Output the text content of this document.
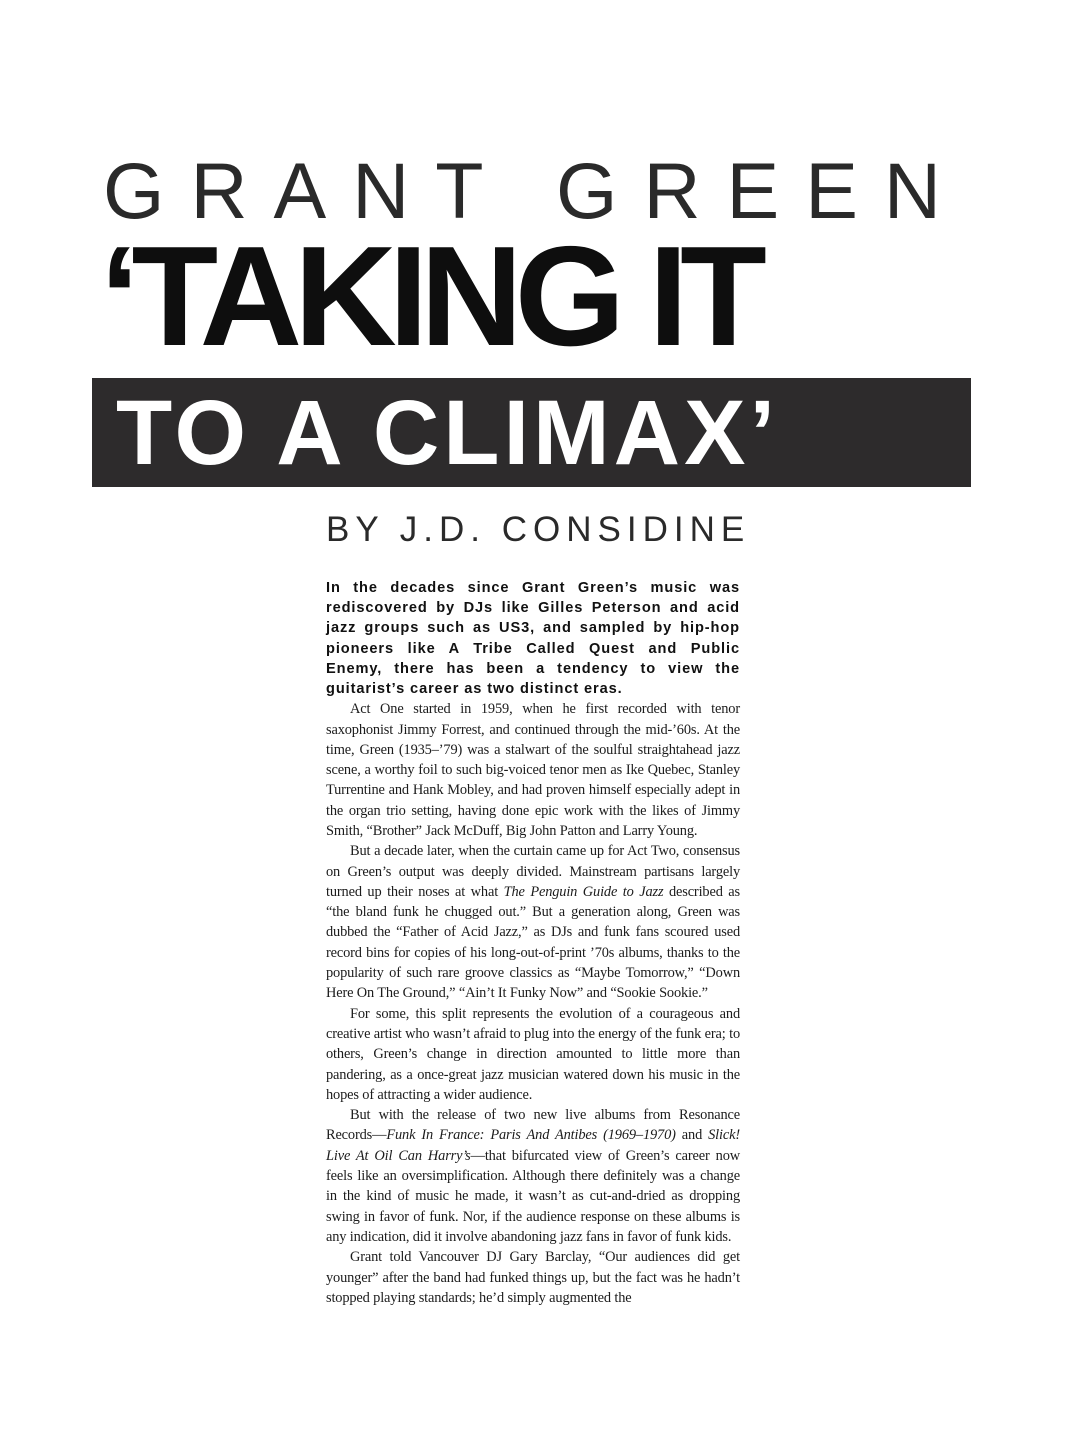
GRANT GREEN
‘TAKING IT
TO A CLIMAX’
BY J.D. CONSIDINE

In the decades since Grant Green’s music was rediscovered by DJs like Gilles Peterson and acid jazz groups such as US3, and sampled by hip-hop pioneers like A Tribe Called Quest and Public Enemy, there has been a tendency to view the guitarist’s career as two distinct eras.

Act One started in 1959, when he first recorded with tenor saxophonist Jimmy Forrest, and continued through the mid-’60s. At the time, Green (1935–’79) was a stalwart of the soulful straightahead jazz scene, a worthy foil to such big-voiced tenor men as Ike Quebec, Stanley Turrentine and Hank Mobley, and had proven himself especially adept in the organ trio setting, having done epic work with the likes of Jimmy Smith, “Brother” Jack McDuff, Big John Patton and Larry Young.

But a decade later, when the curtain came up for Act Two, consensus on Green’s output was deeply divided. Mainstream partisans largely turned up their noses at what The Penguin Guide to Jazz described as “the bland funk he chugged out.” But a generation along, Green was dubbed the “Father of Acid Jazz,” as DJs and funk fans scoured used record bins for copies of his long-out-of-print ’70s albums, thanks to the popularity of such rare groove classics as “Maybe Tomorrow,” “Down Here On The Ground,” “Ain’t It Funky Now” and “Sookie Sookie.”

For some, this split represents the evolution of a courageous and creative artist who wasn’t afraid to plug into the energy of the funk era; to others, Green’s change in direction amounted to little more than pandering, as a once-great jazz musician watered down his music in the hopes of attracting a wider audience.

But with the release of two new live albums from Resonance Records—Funk In France: Paris And Antibes (1969–1970) and Slick! Live At Oil Can Harry’s—that bifurcated view of Green’s career now feels like an oversimplification. Although there definitely was a change in the kind of music he made, it wasn’t as cut-and-dried as dropping swing in favor of funk. Nor, if the audience response on these albums is any indication, did it involve abandoning jazz fans in favor of funk kids.

Grant told Vancouver DJ Gary Barclay, “Our audiences did get younger” after the band had funked things up, but the fact was he hadn’t stopped playing standards; he’d simply augmented the
